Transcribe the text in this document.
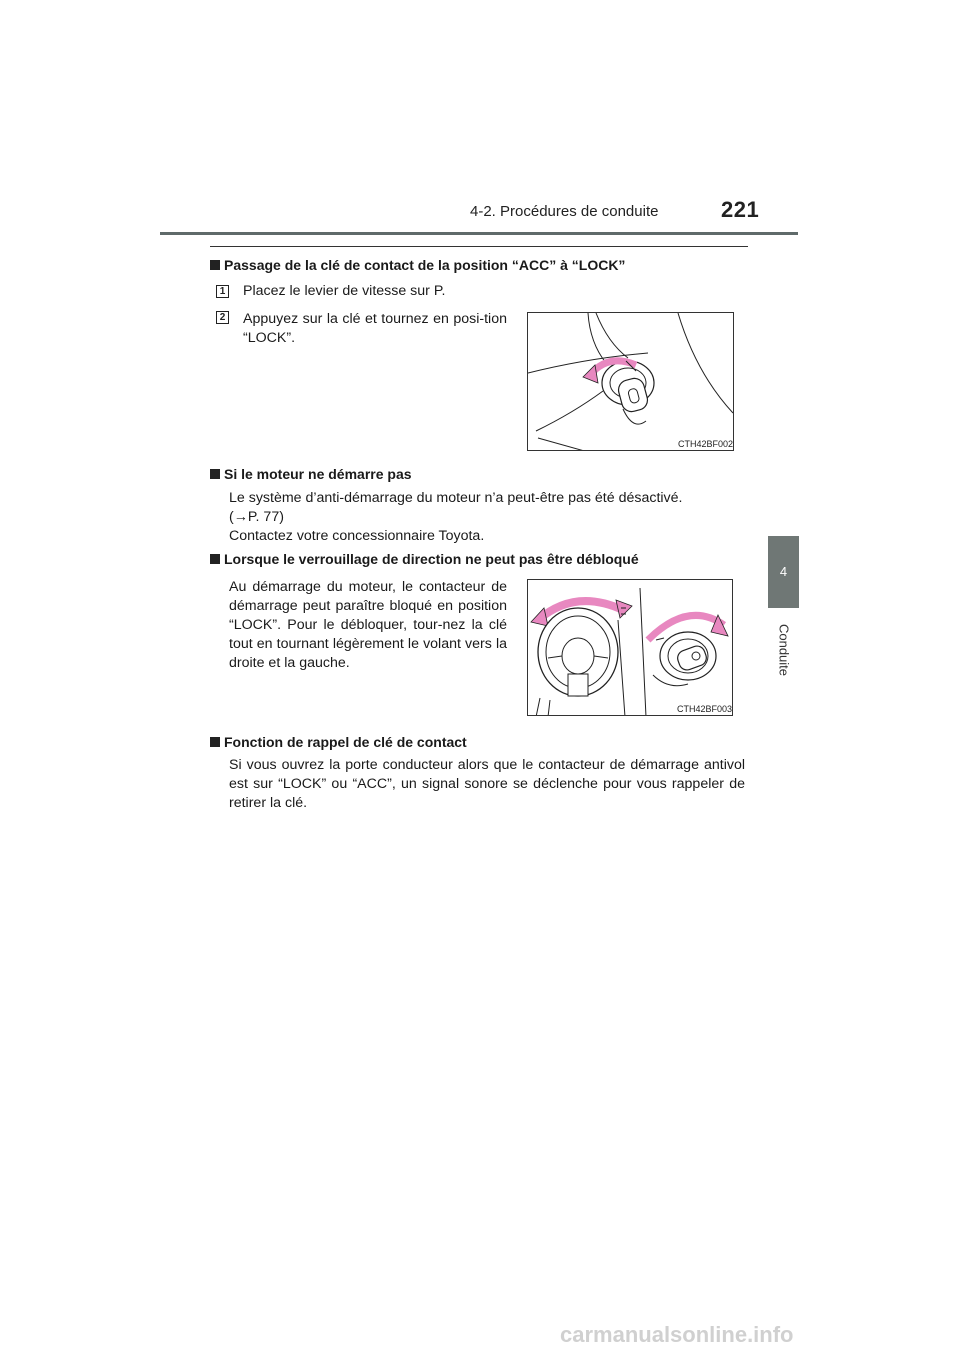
4-2. Procédures de conduite	221
4
Conduite
Passage de la clé de contact de la position “ACC” à “LOCK”
1 Placez le levier de vitesse sur P.
2 Appuyez sur la clé et tournez en posi-tion “LOCK”.
CTH42BF002
Si le moteur ne démarre pas
Le système d’anti-démarrage du moteur n’a peut-être pas été désactivé.
(→P. 77)
Contactez votre concessionnaire Toyota.
Lorsque le verrouillage de direction ne peut pas être débloqué
Au démarrage du moteur, le contacteur de démarrage peut paraître bloqué en position “LOCK”. Pour le débloquer, tour-nez la clé tout en tournant légèrement le volant vers la droite et la gauche.
CTH42BF003
Fonction de rappel de clé de contact
Si vous ouvrez la porte conducteur alors que le contacteur de démarrage antivol est sur “LOCK” ou “ACC”, un signal sonore se déclenche pour vous rappeler de retirer la clé.
carmanualsonline.info
